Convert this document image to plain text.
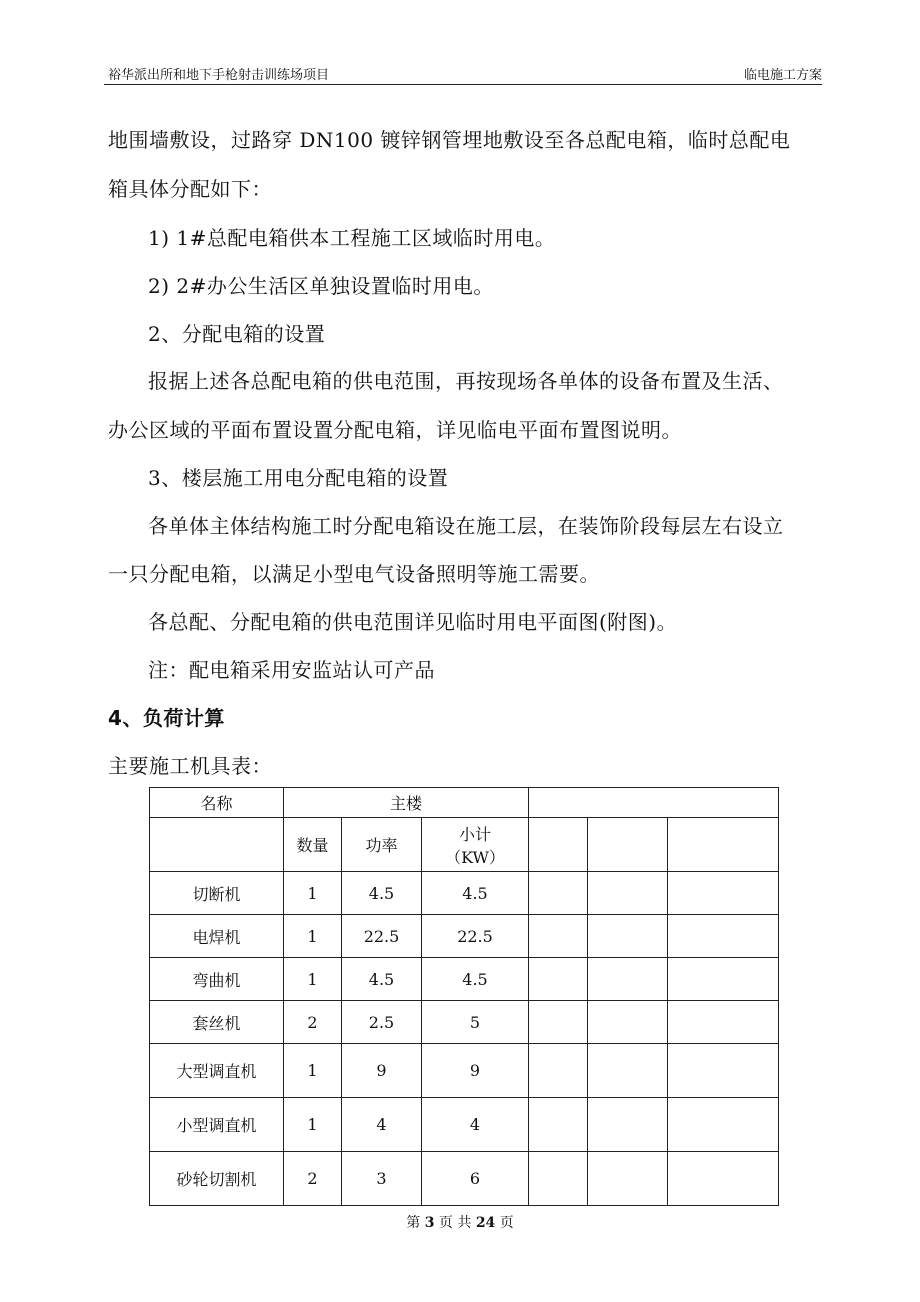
裕华派出所和地下手枪射击训练场项目	临电施工方案
地围墙敷设，过路穿 DN100 镀锌钢管埋地敷设至各总配电箱，临时总配电
箱具体分配如下：
1) 1#总配电箱供本工程施工区域临时用电。
2) 2#办公生活区单独设置临时用电。
2、分配电箱的设置
报据上述各总配电箱的供电范围，再按现场各单体的设备布置及生活、
办公区域的平面布置设置分配电箱，详见临电平面布置图说明。
3、楼层施工用电分配电箱的设置
各单体主体结构施工时分配电箱设在施工层，在装饰阶段每层左右设立
一只分配电箱，以满足小型电气设备照明等施工需要。
各总配、分配电箱的供电范围详见临时用电平面图(附图)。
注：配电箱采用安监站认可产品
4、负荷计算
主要施工机具表：
名称	主楼					
	数量	功率	小计
（KW）			

切断机	1	4.5	4.5			
电焊机	1	22.5	22.5			
弯曲机	1	4.5	4.5			
套丝机	2	2.5	5			
大型调直机	1	9	9			
小型调直机	1	4	4			
砂轮切割机	2	3	6			
第 3 页 共 24 页
